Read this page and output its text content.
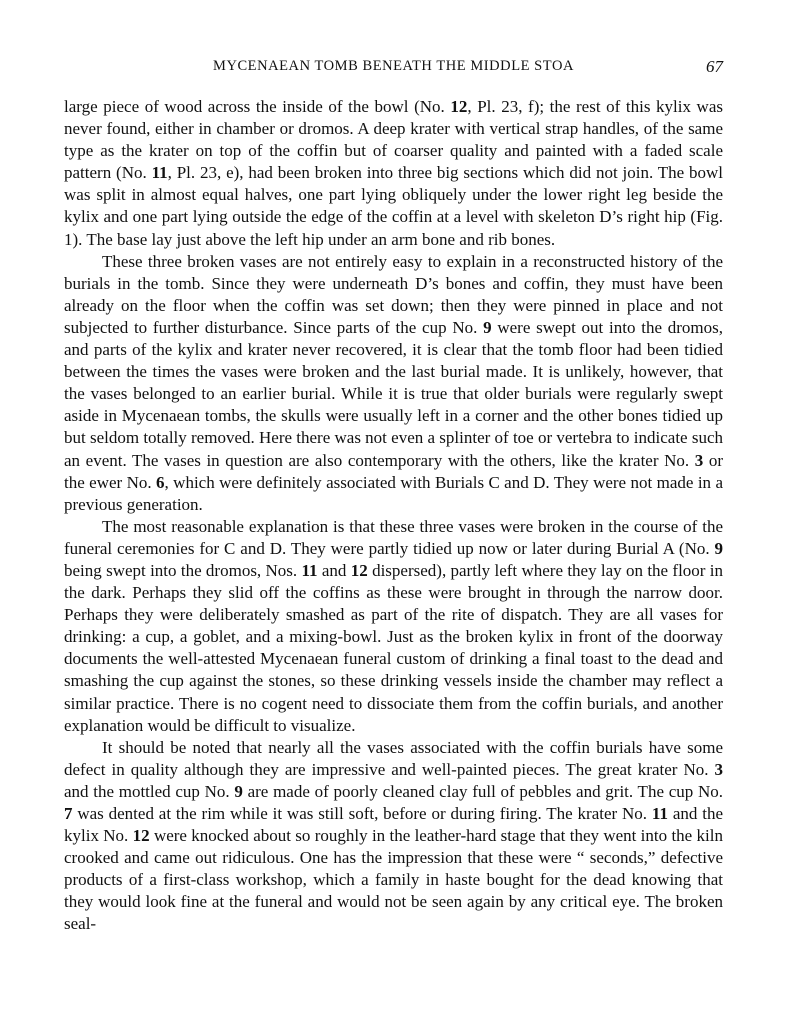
MYCENAEAN TOMB BENEATH THE MIDDLE STOA	67

large piece of wood across the inside of the bowl (No. 12, Pl. 23, f); the rest of this kylix was never found, either in chamber or dromos. A deep krater with vertical strap handles, of the same type as the krater on top of the coffin but of coarser quality and painted with a faded scale pattern (No. 11, Pl. 23, e), had been broken into three big sections which did not join. The bowl was split in almost equal halves, one part lying obliquely under the lower right leg beside the kylix and one part lying outside the edge of the coffin at a level with skeleton D’s right hip (Fig. 1). The base lay just above the left hip under an arm bone and rib bones.

These three broken vases are not entirely easy to explain in a reconstructed history of the burials in the tomb. Since they were underneath D’s bones and coffin, they must have been already on the floor when the coffin was set down; then they were pinned in place and not subjected to further disturbance. Since parts of the cup No. 9 were swept out into the dromos, and parts of the kylix and krater never recovered, it is clear that the tomb floor had been tidied between the times the vases were broken and the last burial made. It is unlikely, however, that the vases belonged to an earlier burial. While it is true that older burials were regularly swept aside in Mycenaean tombs, the skulls were usually left in a corner and the other bones tidied up but seldom totally removed. Here there was not even a splinter of toe or vertebra to indicate such an event. The vases in question are also contemporary with the others, like the krater No. 3 or the ewer No. 6, which were definitely associated with Burials C and D. They were not made in a previous generation.

The most reasonable explanation is that these three vases were broken in the course of the funeral ceremonies for C and D. They were partly tidied up now or later during Burial A (No. 9 being swept into the dromos, Nos. 11 and 12 dispersed), partly left where they lay on the floor in the dark. Perhaps they slid off the coffins as these were brought in through the narrow door. Perhaps they were deliberately smashed as part of the rite of dispatch. They are all vases for drinking: a cup, a goblet, and a mixing-bowl. Just as the broken kylix in front of the doorway documents the well-attested Mycenaean funeral custom of drinking a final toast to the dead and smashing the cup against the stones, so these drinking vessels inside the chamber may reflect a similar practice. There is no cogent need to dissociate them from the coffin burials, and another explanation would be difficult to visualize.

It should be noted that nearly all the vases associated with the coffin burials have some defect in quality although they are impressive and well-painted pieces. The great krater No. 3 and the mottled cup No. 9 are made of poorly cleaned clay full of pebbles and grit. The cup No. 7 was dented at the rim while it was still soft, before or during firing. The krater No. 11 and the kylix No. 12 were knocked about so roughly in the leather-hard stage that they went into the kiln crooked and came out ridiculous. One has the impression that these were “ seconds,” defective products of a first-class workshop, which a family in haste bought for the dead knowing that they would look fine at the funeral and would not be seen again by any critical eye. The broken seal-
